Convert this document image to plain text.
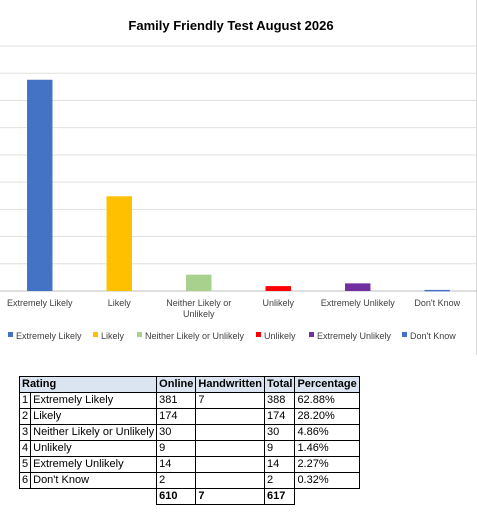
Extremely Likely	Likely	Neither Likely or Unlikely
Unlikely	Extremely Unlikely Don't Know
Extremely Likely Likely Neither Likely or Unlikely Unlikely Extremely Unlikely Don't Know
Family Friendly Test August 2026
Rating		Online	Handwritten	Total	Percentage
1	Extremely Likely	381	7	388	62.88%
2	Likely	174		174	28.20%
3	Neither Likely or Unlikely	30		30	4.86%
4	Unlikely	9		9	1.46%
5	Extremely Unlikely	14		14	2.27%
6	Don't Know	2		2	0.32%
		610	7	617	
